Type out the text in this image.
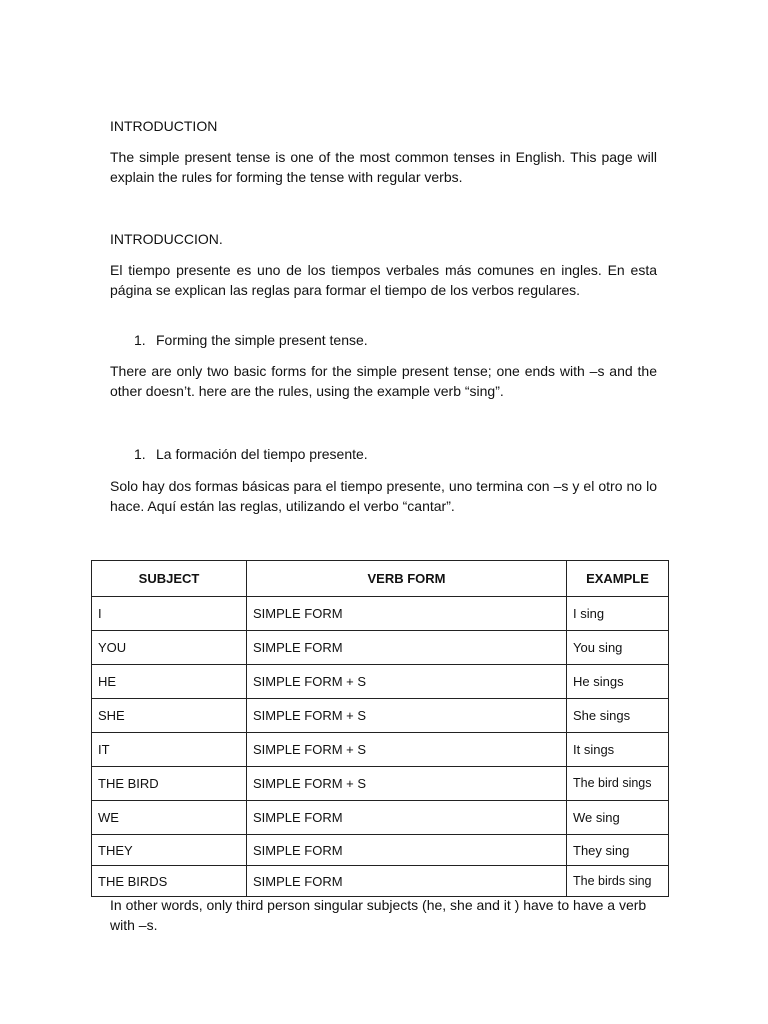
INTRODUCTION

The simple present tense is one of the most common tenses in English. This page will explain the rules for forming the tense with regular verbs.

INTRODUCCION.

El tiempo presente es uno de los tiempos verbales más comunes en ingles. En esta página se explican las reglas para formar el tiempo de los verbos regulares.

1. Forming the simple present tense.

There are only two basic forms for the simple present tense; one ends with –s and the other doesn’t. here are the rules, using the example verb “sing”.

1. La formación del tiempo presente.

Solo hay dos formas básicas para el tiempo presente, uno termina con –s y el otro no lo hace. Aquí están las reglas, utilizando el verbo “cantar”.

SUBJECT	VERB FORM	EXAMPLE
I	SIMPLE FORM	I sing
YOU	SIMPLE FORM	You sing
HE	SIMPLE FORM + S	He sings
SHE	SIMPLE FORM + S	She sings
IT	SIMPLE FORM + S	It sings
THE BIRD	SIMPLE FORM + S	The bird sings
WE	SIMPLE FORM	We sing
THEY	SIMPLE FORM	They sing
THE BIRDS	SIMPLE FORM	The birds sing

In other words, only third person singular subjects (he, she and it ) have to have a verb with –s.
